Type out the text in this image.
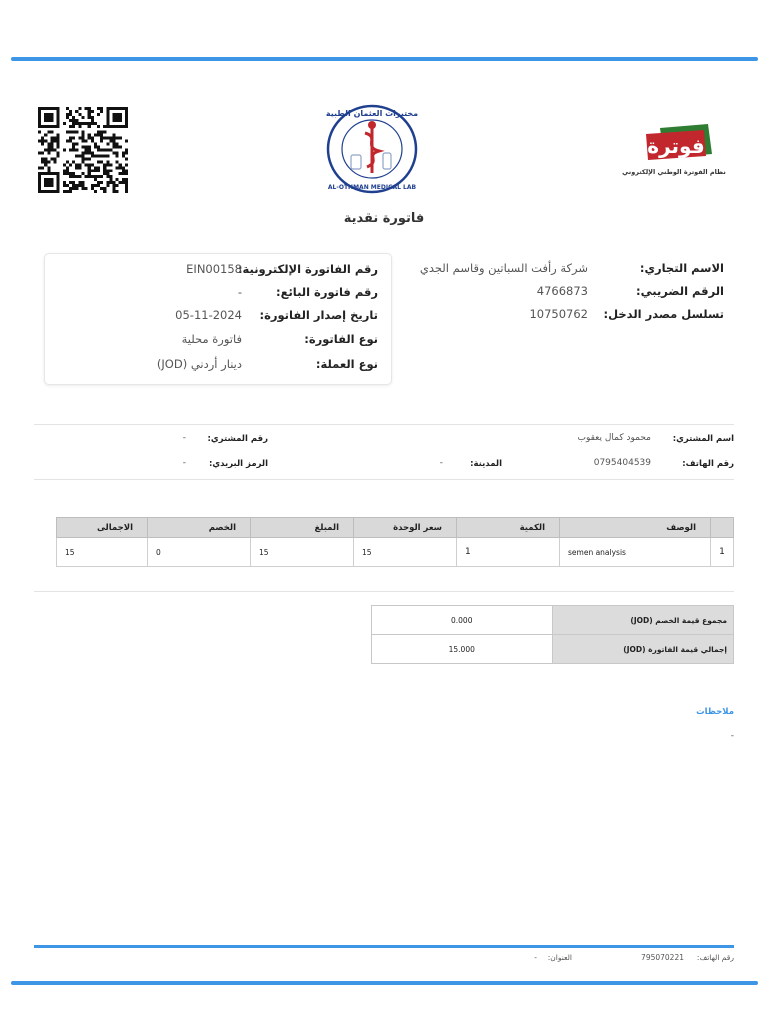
مختبرات العثمان الطبية
AL-OTHMAN MEDICAL LAB
فوترة
نظام الفوترة الوطني الإلكتروني
فاتورة نقدية
الاسم التجاري:
شركة رأفت السباتين وقاسم الجدي
الرقم الضريبي:
4766873
تسلسل مصدر الدخل:
10750762
رقم الفاتورة الإلكترونية:
EIN00158
رقم فاتورة البائع:
-
تاريخ إصدار الفاتورة:
05-11-2024
نوع الفاتورة:
فاتورة محلية
نوع العملة:
دينار أردني (JOD)
اسم المشتري:
محمود كمال يعقوب
رقم المشتري:
-
رقم الهاتف:
0795404539
المدينة:
-
الرمز البريدي:
-
	الوصف	الكمية	سعر الوحدة	المبلغ	الخصم	الاجمالى
1	semen analysis	1	15	15	0	15
مجموع قيمة الخصم (JOD)	0.000
إجمالي قيمة الفاتورة (JOD)	15.000
ملاحظات
-
رقم الهاتف:
795070221
العنوان:
-
